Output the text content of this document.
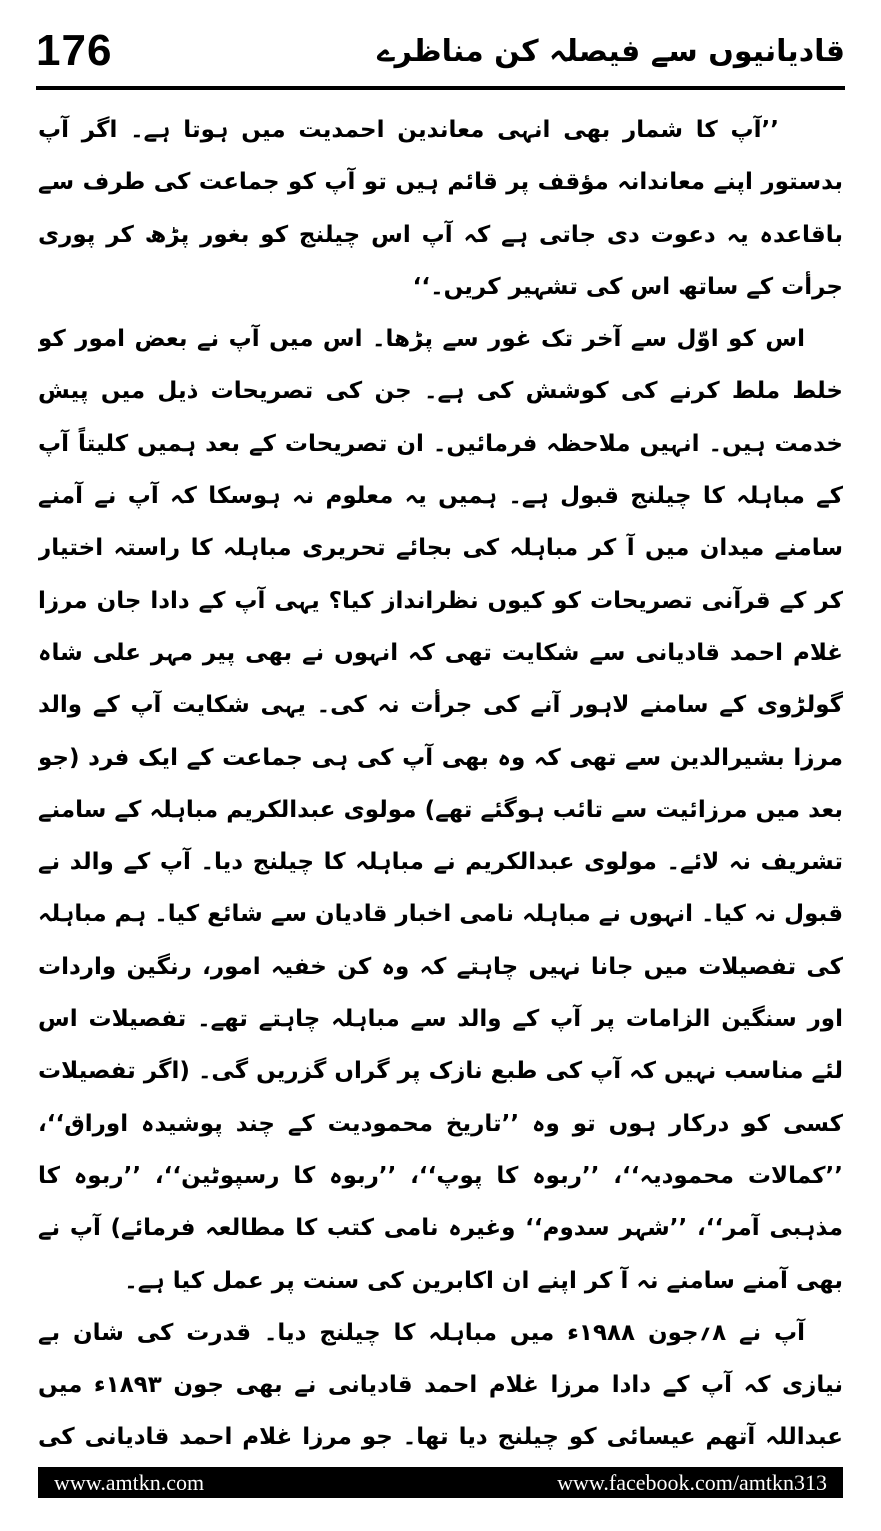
176	قادیانیوں سے فیصلہ کن مناظرے

’’آپ کا شمار بھی انہی معاندین احمدیت میں ہوتا ہے۔ اگر آپ بدستور اپنے معاندانہ مؤقف پر قائم ہیں تو آپ کو جماعت کی طرف سے باقاعدہ یہ دعوت دی جاتی ہے کہ آپ اس چیلنج کو بغور پڑھ کر پوری جرأت کے ساتھ اس کی تشہیر کریں۔‘‘

اس کو اوّل سے آخر تک غور سے پڑھا۔ اس میں آپ نے بعض امور کو خلط ملط کرنے کی کوشش کی ہے۔ جن کی تصریحات ذیل میں پیش خدمت ہیں۔ انہیں ملاحظہ فرمائیں۔ ان تصریحات کے بعد ہمیں کلیتاً آپ کے مباہلہ کا چیلنج قبول ہے۔ ہمیں یہ معلوم نہ ہوسکا کہ آپ نے آمنے سامنے میدان میں آ کر مباہلہ کی بجائے تحریری مباہلہ کا راستہ اختیار کر کے قرآنی تصریحات کو کیوں نظرانداز کیا؟ یہی آپ کے دادا جان مرزا غلام احمد قادیانی سے شکایت تھی کہ انہوں نے بھی پیر مہر علی شاہ گولڑوی کے سامنے لاہور آنے کی جرأت نہ کی۔ یہی شکایت آپ کے والد مرزا بشیرالدین سے تھی کہ وہ بھی آپ کی ہی جماعت کے ایک فرد (جو بعد میں مرزائیت سے تائب ہوگئے تھے) مولوی عبدالکریم مباہلہ کے سامنے تشریف نہ لائے۔ مولوی عبدالکریم نے مباہلہ کا چیلنج دیا۔ آپ کے والد نے قبول نہ کیا۔ انہوں نے مباہلہ نامی اخبار قادیان سے شائع کیا۔ ہم مباہلہ کی تفصیلات میں جانا نہیں چاہتے کہ وہ کن خفیہ امور، رنگین واردات اور سنگین الزامات پر آپ کے والد سے مباہلہ چاہتے تھے۔ تفصیلات اس لئے مناسب نہیں کہ آپ کی طبع نازک پر گراں گزریں گی۔ (اگر تفصیلات کسی کو درکار ہوں تو وہ ’’تاریخ محمودیت کے چند پوشیدہ اوراق‘‘، ’’کمالات محمودیہ‘‘، ’’ربوہ کا پوپ‘‘، ’’ربوہ کا رسپوٹین‘‘، ’’ربوہ کا مذہبی آمر‘‘، ’’شہر سدوم‘‘ وغیرہ نامی کتب کا مطالعہ فرمائے) آپ نے بھی آمنے سامنے نہ آ کر اپنے ان اکابرین کی سنت پر عمل کیا ہے۔

آپ نے ۸؍جون ۱۹۸۸ء میں مباہلہ کا چیلنج دیا۔ قدرت کی شان بے نیازی کہ آپ کے دادا مرزا غلام احمد قادیانی نے بھی جون ۱۸۹۳ء میں عبداللہ آتھم عیسائی کو چیلنج دیا تھا۔ جو مرزا غلام احمد قادیانی کی

www.amtkn.com	www.facebook.com/amtkn313
